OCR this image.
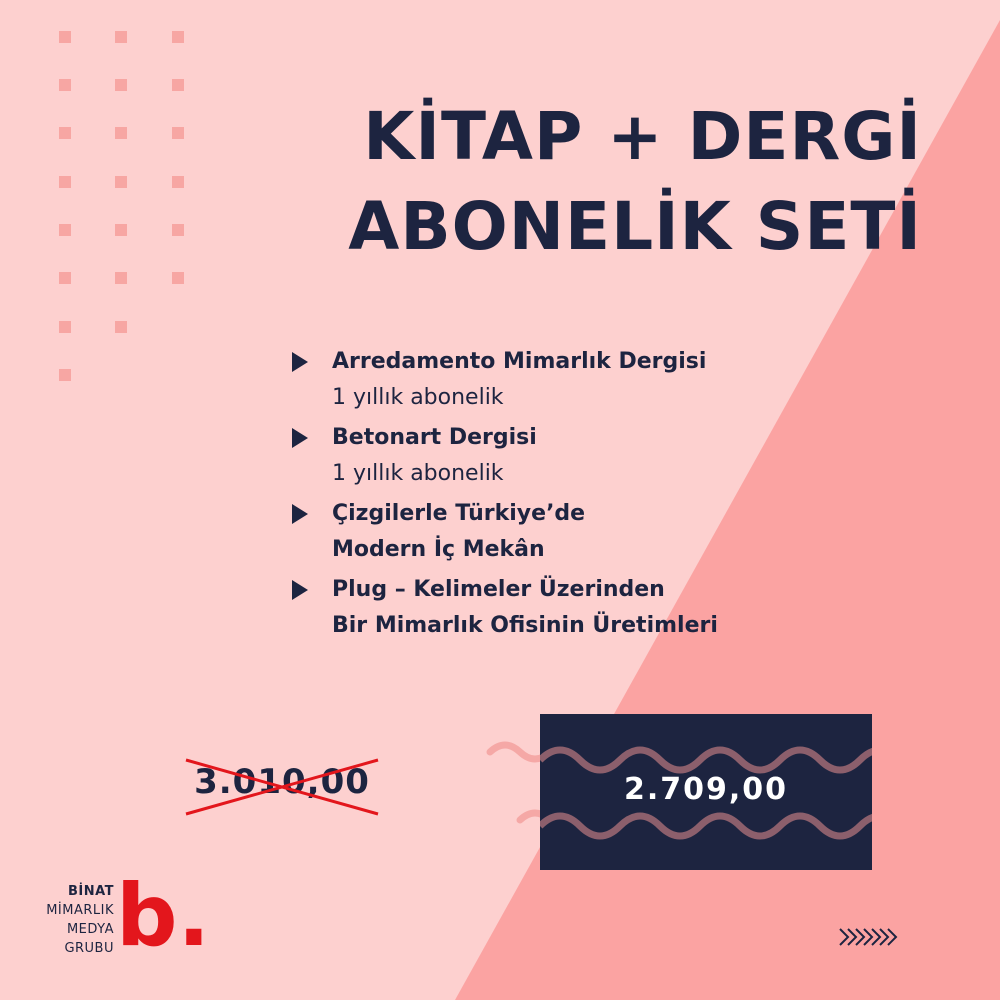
KİTAP + DERGİ
ABONELİK SETİ
Arredamento Mimarlık Dergisi
1 yıllık abonelik
Betonart Dergisi
1 yıllık abonelik
Çizgilerle Türkiye’de
Modern İç Mekân
Plug – Kelimeler Üzerinden
Bir Mimarlık Ofisinin Üretimleri
3.010,00	2.709,00
BİNAT
MİMARLIK
MEDYA
GRUBU b.
